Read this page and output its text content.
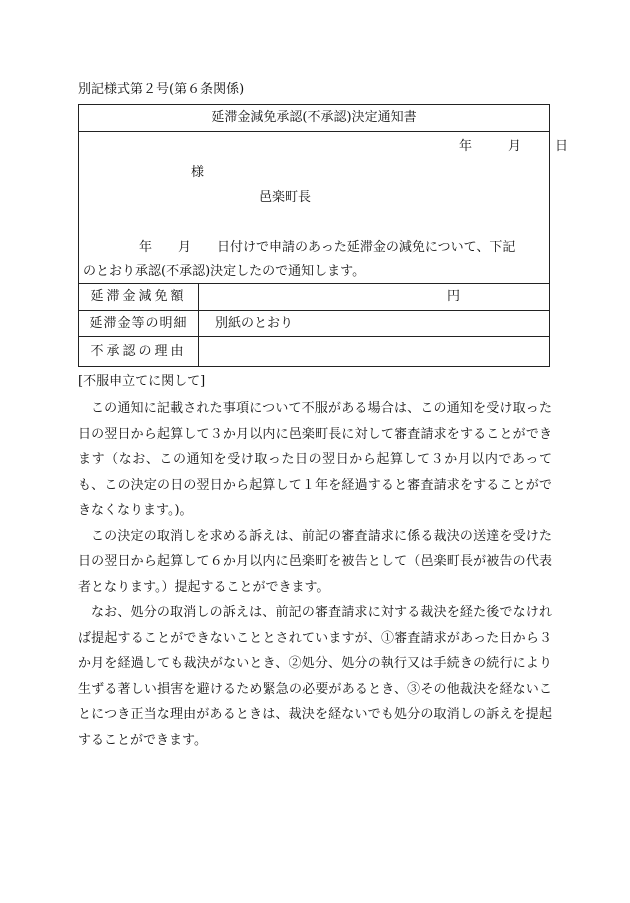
別記様式第２号(第６条関係)
延滞金減免承認(不承認)決定通知書
年	月	日
様
邑楽町長
年　　月　　日付けで申請のあった延滞金の減免について、下記
のとおり承認(不承認)決定したので通知します。
延滞金減免額	円
延滞金等の明細	別紙のとおり
不承認の理由
[不服申立てに関して]

この通知に記載された事項について不服がある場合は、この通知を受け取った日の翌日から起算して３か月以内に邑楽町長に対して審査請求をすることができます（なお、この通知を受け取った日の翌日から起算して３か月以内であっても、この決定の日の翌日から起算して１年を経過すると審査請求をすることができなくなります。)。

この決定の取消しを求める訴えは、前記の審査請求に係る裁決の送達を受けた日の翌日から起算して６か月以内に邑楽町を被告として（邑楽町長が被告の代表者となります。）提起することができます。

なお、処分の取消しの訴えは、前記の審査請求に対する裁決を経た後でなければ提起することができないこととされていますが、①審査請求があった日から３か月を経過しても裁決がないとき、②処分、処分の執行又は手続きの続行により生ずる著しい損害を避けるため緊急の必要があるとき、③その他裁決を経ないことにつき正当な理由があるときは、裁決を経ないでも処分の取消しの訴えを提起することができます。
